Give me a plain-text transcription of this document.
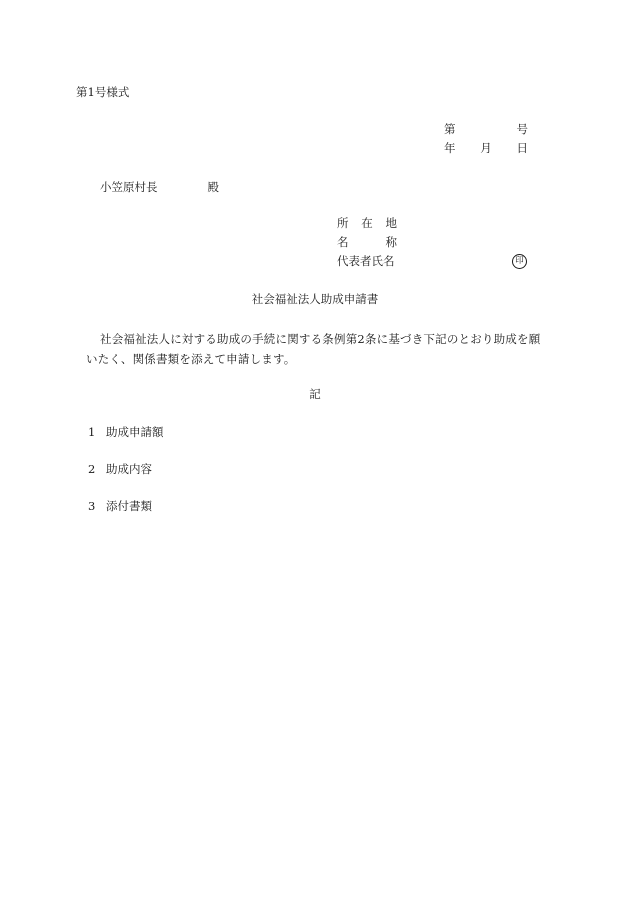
第1号様式
第	号
年 月 日
小笠原村長	殿
所 在 地
名	称
代表者氏名	印
社会福祉法人助成申請書
社会福祉法人に対する助成の手続に関する条例第2条に基づき下記のとおり助成を願いたく、関係書類を添えて申請します。
記
1 助成申請額
2 助成内容
3 添付書類
